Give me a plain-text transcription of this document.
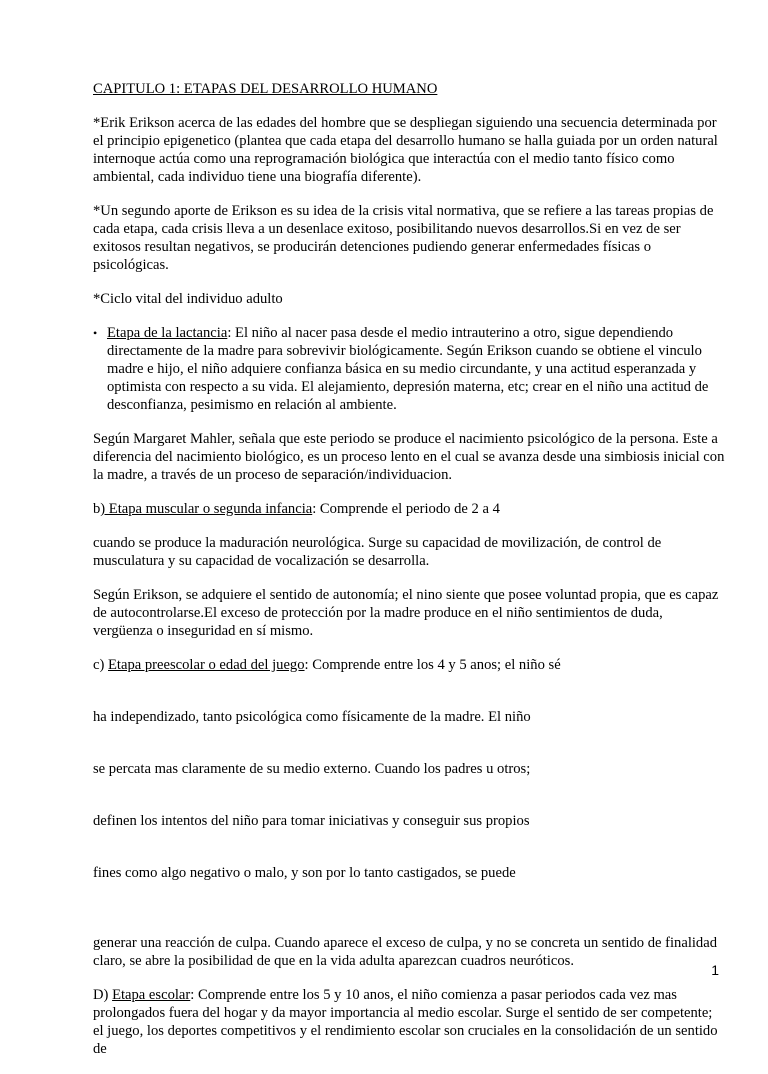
CAPITULO 1: ETAPAS DEL DESARROLLO HUMANO

*Erik Erikson acerca de las edades del hombre que se despliegan siguiendo una secuencia determinada por el principio epigenetico (plantea que cada etapa del desarrollo humano se halla guiada por un orden natural internoque actúa como una reprogramación biológica que interactúa con el medio tanto físico como ambiental, cada individuo tiene una biografía diferente).

*Un segundo aporte de Erikson es su idea de la crisis vital normativa, que se refiere a las tareas propias de cada etapa, cada crisis lleva a un desenlace exitoso, posibilitando nuevos desarrollos.Si en vez de ser exitosos resultan negativos, se producirán detenciones pudiendo generar enfermedades físicas o psicológicas.

*Ciclo vital del individuo adulto

• Etapa de la lactancia: El niño al nacer pasa desde el medio intrauterino a otro, sigue dependiendo directamente de la madre para sobrevivir biológicamente. Según Erikson cuando se obtiene el vinculo madre e hijo, el niño adquiere confianza básica en su medio circundante, y una actitud esperanzada y optimista con respecto a su vida. El alejamiento, depresión materna, etc; crear en el niño una actitud de desconfianza, pesimismo en relación al ambiente.

Según Margaret Mahler, señala que este periodo se produce el nacimiento psicológico de la persona. Este a diferencia del nacimiento biológico, es un proceso lento en el cual se avanza desde una simbiosis inicial con la madre, a través de un proceso de separación/individuacion.

b) Etapa muscular o segunda infancia: Comprende el periodo de 2 a 4

cuando se produce la maduración neurológica. Surge su capacidad de movilización, de control de musculatura y su capacidad de vocalización se desarrolla.

Según Erikson, se adquiere el sentido de autonomía; el nino siente que posee voluntad propia, que es capaz de autocontrolarse.El exceso de protección por la madre produce en el niño sentimientos de duda, vergüenza o inseguridad en sí mismo.

c) Etapa preescolar o edad del juego: Comprende entre los 4 y 5 anos; el niño sé

ha independizado, tanto psicológica como físicamente de la madre. El niño

se percata mas claramente de su medio externo. Cuando los padres u otros;

definen los intentos del niño para tomar iniciativas y conseguir sus propios

fines como algo negativo o malo, y son por lo tanto castigados, se puede

generar una reacción de culpa. Cuando aparece el exceso de culpa, y no se concreta un sentido de finalidad claro, se abre la posibilidad de que en la vida adulta aparezcan cuadros neuróticos.

D) Etapa escolar: Comprende entre los 5 y 10 anos, el niño comienza a pasar periodos cada vez mas prolongados fuera del hogar y da mayor importancia al medio escolar. Surge el sentido de ser competente; el juego, los deportes competitivos y el rendimiento escolar son cruciales en la consolidación de un sentido de

1
